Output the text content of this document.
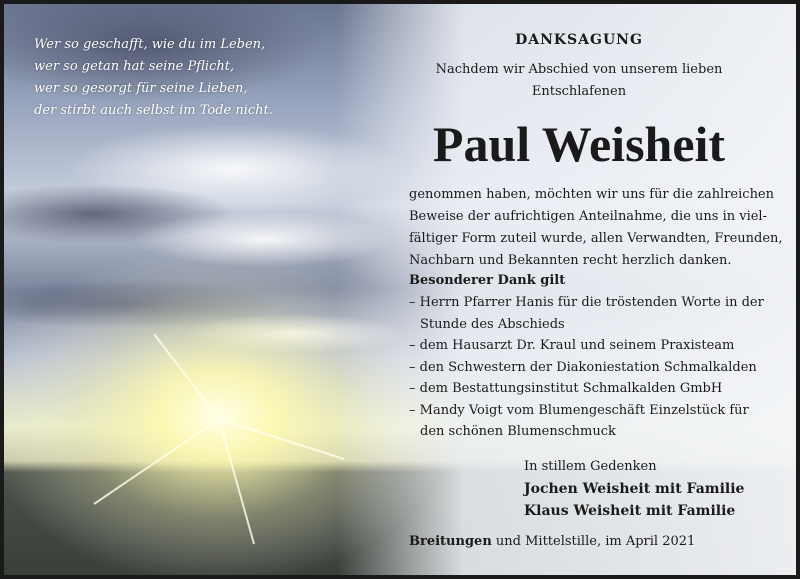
Wer so geschafft, wie du im Leben,
wer so getan hat seine Pflicht,
wer so gesorgt für seine Lieben,
der stirbt auch selbst im Tode nicht.
DANKSAGUNG
Nachdem wir Abschied von unserem lieben
Entschlafenen
Paul Weisheit
genommen haben, möchten wir uns für die zahlreichen
Beweise der aufrichtigen Anteilnahme, die uns in viel-
fältiger Form zuteil wurde, allen Verwandten, Freunden,
Nachbarn und Bekannten recht herzlich danken.
Besonderer Dank gilt
– Herrn Pfarrer Hanis für die tröstenden Worte in der
Stunde des Abschieds
– dem Hausarzt Dr. Kraul und seinem Praxisteam
– den Schwestern der Diakoniestation Schmalkalden
– dem Bestattungsinstitut Schmalkalden GmbH
– Mandy Voigt vom Blumengeschäft Einzelstück für
den schönen Blumenschmuck
In stillem Gedenken
Jochen Weisheit mit Familie
Klaus Weisheit mit Familie
Breitungen und Mittelstille, im April 2021
